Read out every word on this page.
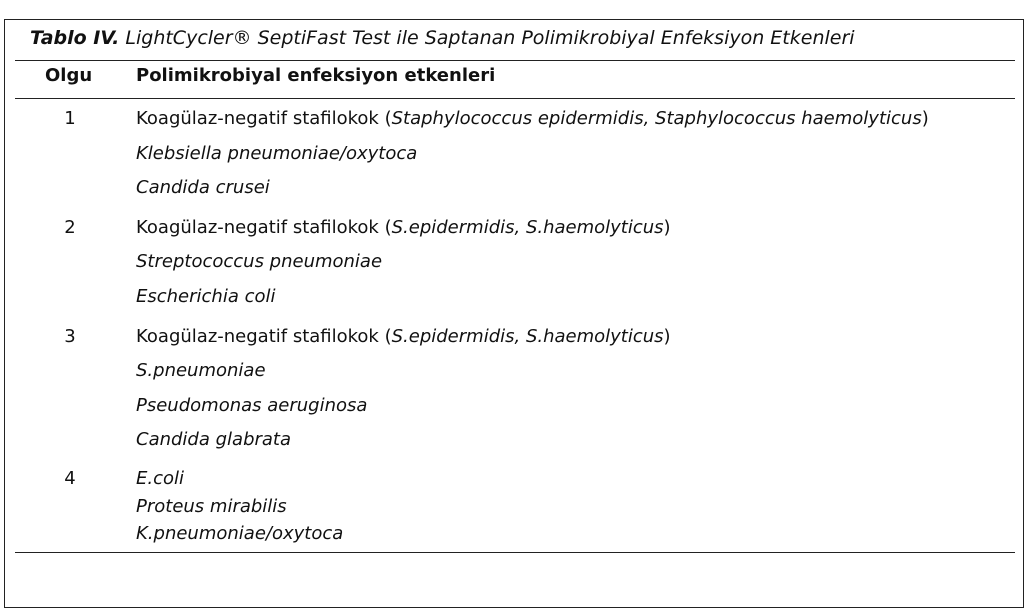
Tablo IV. LightCycler® SeptiFast Test ile Saptanan Polimikrobiyal Enfeksiyon Etkenleri
Olgu Polimikrobiyal enfeksiyon etkenleri
1	Koagülaz-negatif stafilokok (Staphylococcus epidermidis, Staphylococcus haemolyticus)
Klebsiella pneumoniae/oxytoca
Candida crusei
2	Koagülaz-negatif stafilokok (S.epidermidis, S.haemolyticus)
Streptococcus pneumoniae
Escherichia coli
3	Koagülaz-negatif stafilokok (S.epidermidis, S.haemolyticus)
S.pneumoniae
Pseudomonas aeruginosa
Candida glabrata
4	E.coli
Proteus mirabilis
K.pneumoniae/oxytoca
